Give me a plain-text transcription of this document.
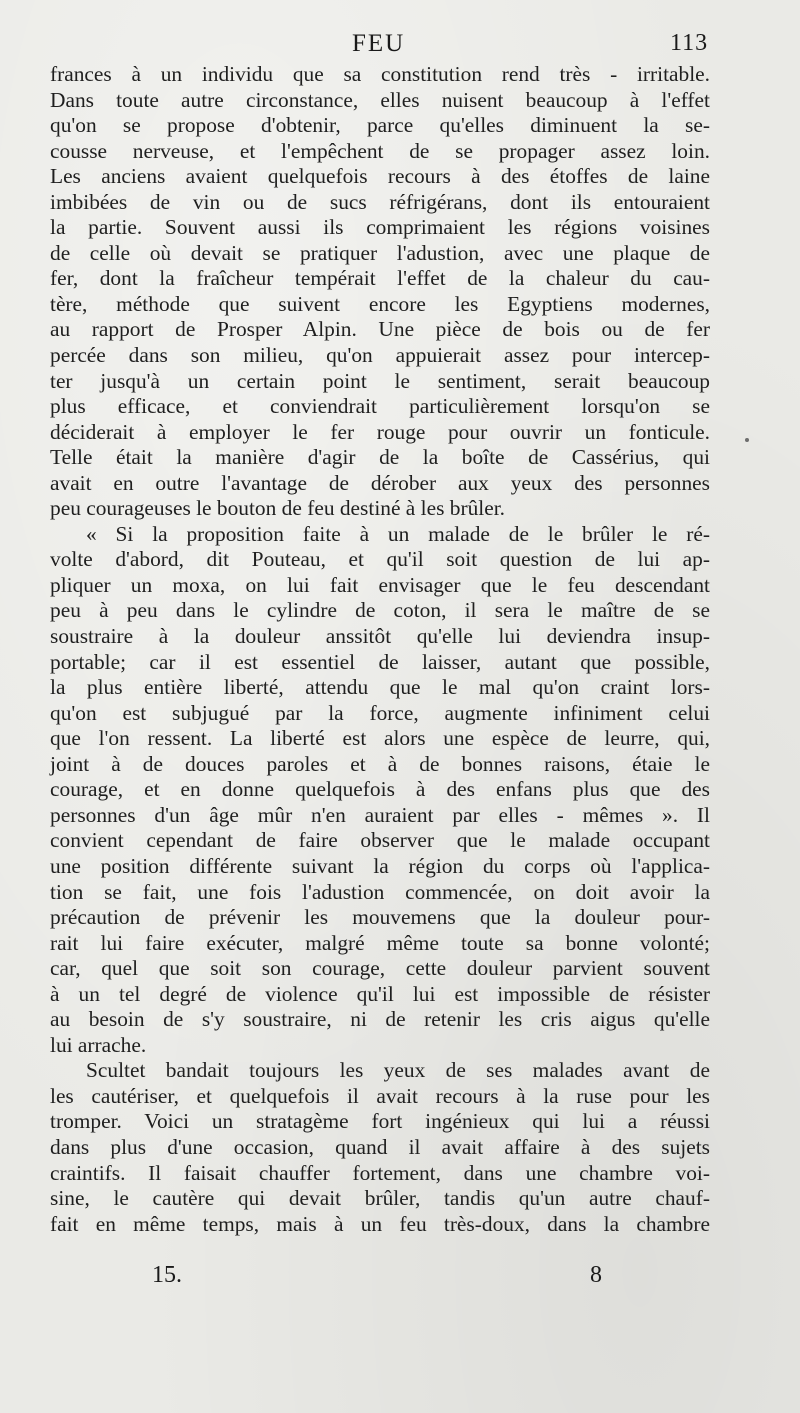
FEU	113
frances à un individu que sa constitution rend très - irritable.
Dans toute autre circonstance, elles nuisent beaucoup à l'effet
qu'on se propose d'obtenir, parce qu'elles diminuent la se-
cousse nerveuse, et l'empêchent de se propager assez loin.
Les anciens avaient quelquefois recours à des étoffes de laine
imbibées de vin ou de sucs réfrigérans, dont ils entouraient
la partie. Souvent aussi ils comprimaient les régions voisines
de celle où devait se pratiquer l'adustion, avec une plaque de
fer, dont la fraîcheur tempérait l'effet de la chaleur du cau-
tère, méthode que suivent encore les Egyptiens modernes,
au rapport de Prosper Alpin. Une pièce de bois ou de fer
percée dans son milieu, qu'on appuierait assez pour intercep-
ter jusqu'à un certain point le sentiment, serait beaucoup
plus efficace, et conviendrait particulièrement lorsqu'on se
déciderait à employer le fer rouge pour ouvrir un fonticule.
Telle était la manière d'agir de la boîte de Cassérius, qui
avait en outre l'avantage de dérober aux yeux des personnes
peu courageuses le bouton de feu destiné à les brûler.
« Si la proposition faite à un malade de le brûler le ré-
volte d'abord, dit Pouteau, et qu'il soit question de lui ap-
pliquer un moxa, on lui fait envisager que le feu descendant
peu à peu dans le cylindre de coton, il sera le maître de se
soustraire à la douleur anssitôt qu'elle lui deviendra insup-
portable; car il est essentiel de laisser, autant que possible,
la plus entière liberté, attendu que le mal qu'on craint lors-
qu'on est subjugué par la force, augmente infiniment celui
que l'on ressent. La liberté est alors une espèce de leurre, qui,
joint à de douces paroles et à de bonnes raisons, étaie le
courage, et en donne quelquefois à des enfans plus que des
personnes d'un âge mûr n'en auraient par elles - mêmes ». Il
convient cependant de faire observer que le malade occupant
une position différente suivant la région du corps où l'applica-
tion se fait, une fois l'adustion commencée, on doit avoir la
précaution de prévenir les mouvemens que la douleur pour-
rait lui faire exécuter, malgré même toute sa bonne volonté;
car, quel que soit son courage, cette douleur parvient souvent
à un tel degré de violence qu'il lui est impossible de résister
au besoin de s'y soustraire, ni de retenir les cris aigus qu'elle
lui arrache.
Scultet bandait toujours les yeux de ses malades avant de
les cautériser, et quelquefois il avait recours à la ruse pour les
tromper. Voici un stratagème fort ingénieux qui lui a réussi
dans plus d'une occasion, quand il avait affaire à des sujets
craintifs. Il faisait chauffer fortement, dans une chambre voi-
sine, le cautère qui devait brûler, tandis qu'un autre chauf-
fait en même temps, mais à un feu très-doux, dans la chambre
15.	8
